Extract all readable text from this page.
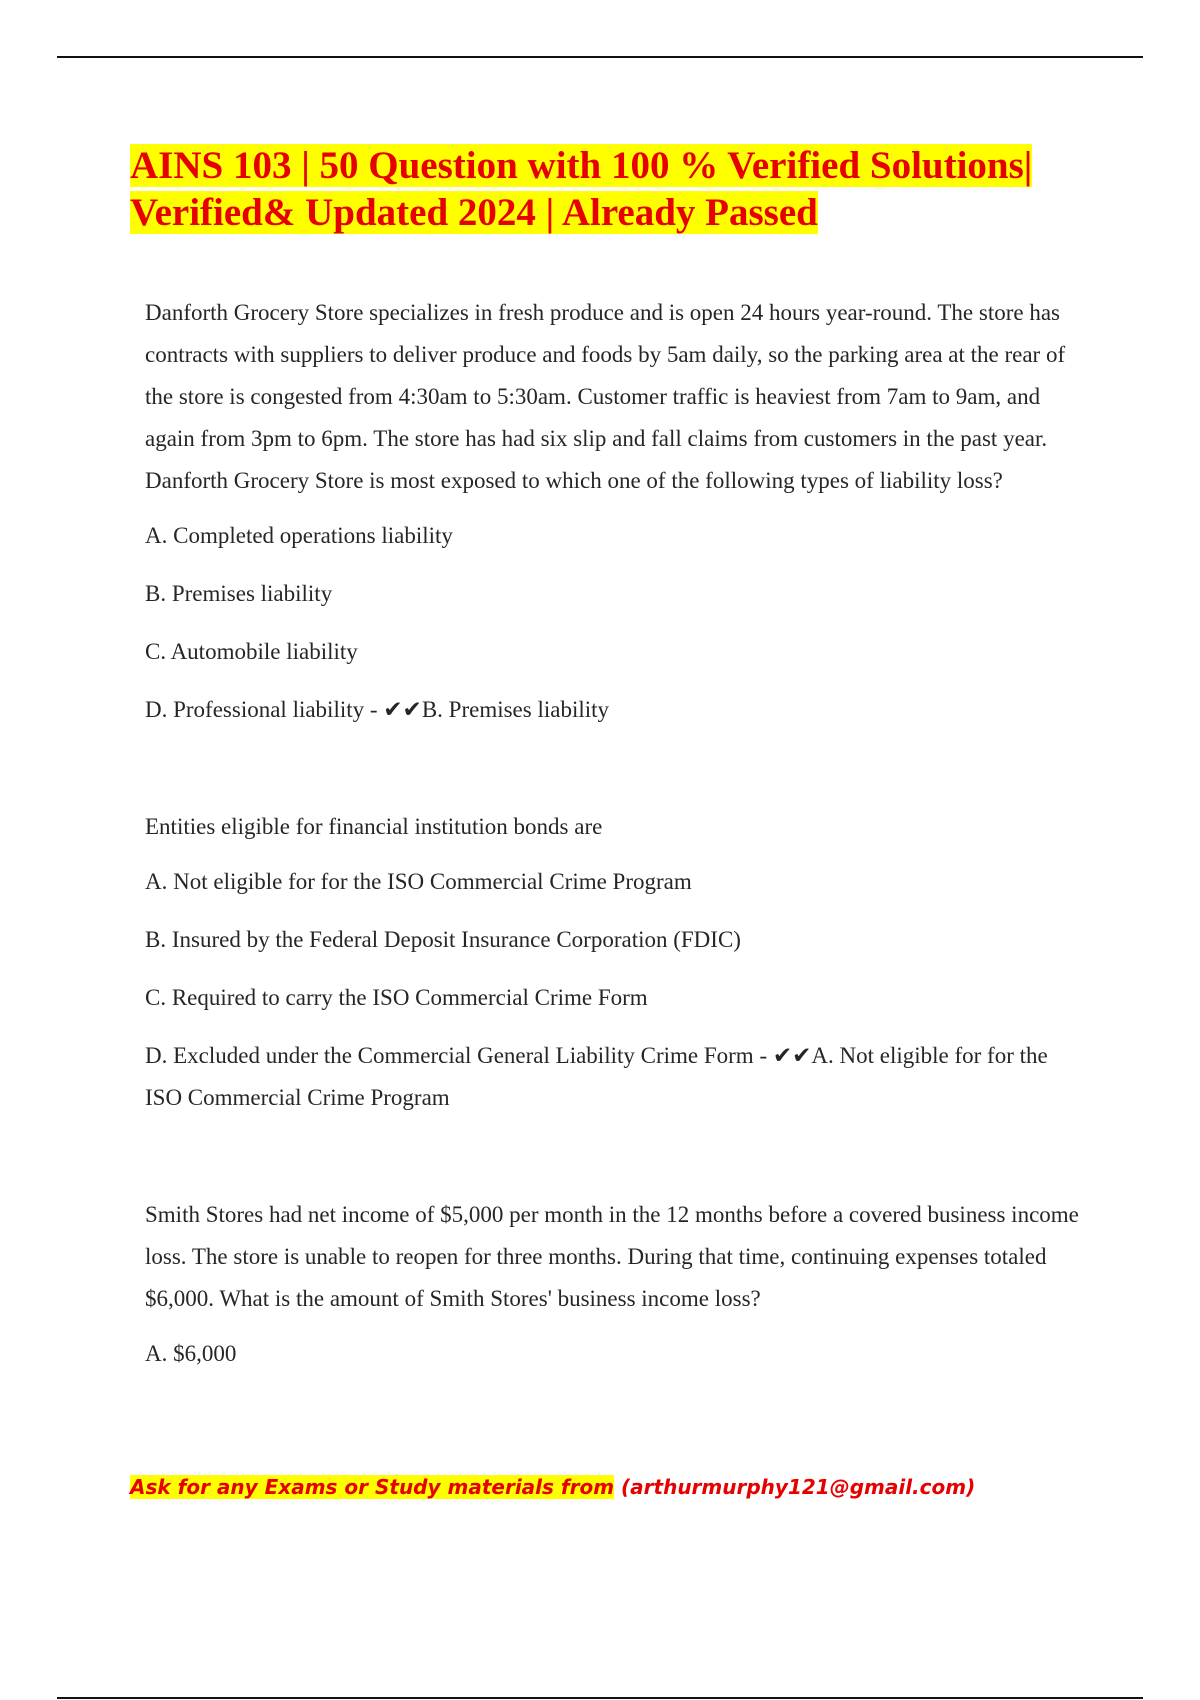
AINS 103 | 50 Question with 100 % Verified Solutions|
Verified& Updated 2024 | Already Passed

Danforth Grocery Store specializes in fresh produce and is open 24 hours year-round. The store has contracts with suppliers to deliver produce and foods by 5am daily, so the parking area at the rear of the store is congested from 4:30am to 5:30am. Customer traffic is heaviest from 7am to 9am, and again from 3pm to 6pm. The store has had six slip and fall claims from customers in the past year. Danforth Grocery Store is most exposed to which one of the following types of liability loss?

A. Completed operations liability

B. Premises liability

C. Automobile liability

D. Professional liability - ✔✔B. Premises liability

Entities eligible for financial institution bonds are

A. Not eligible for for the ISO Commercial Crime Program

B. Insured by the Federal Deposit Insurance Corporation (FDIC)

C. Required to carry the ISO Commercial Crime Form

D. Excluded under the Commercial General Liability Crime Form - ✔✔A. Not eligible for for the ISO Commercial Crime Program

Smith Stores had net income of $5,000 per month in the 12 months before a covered business income loss. The store is unable to reopen for three months. During that time, continuing expenses totaled $6,000. What is the amount of Smith Stores' business income loss?

A. $6,000

Ask for any Exams or Study materials from (arthurmurphy121@gmail.com)
